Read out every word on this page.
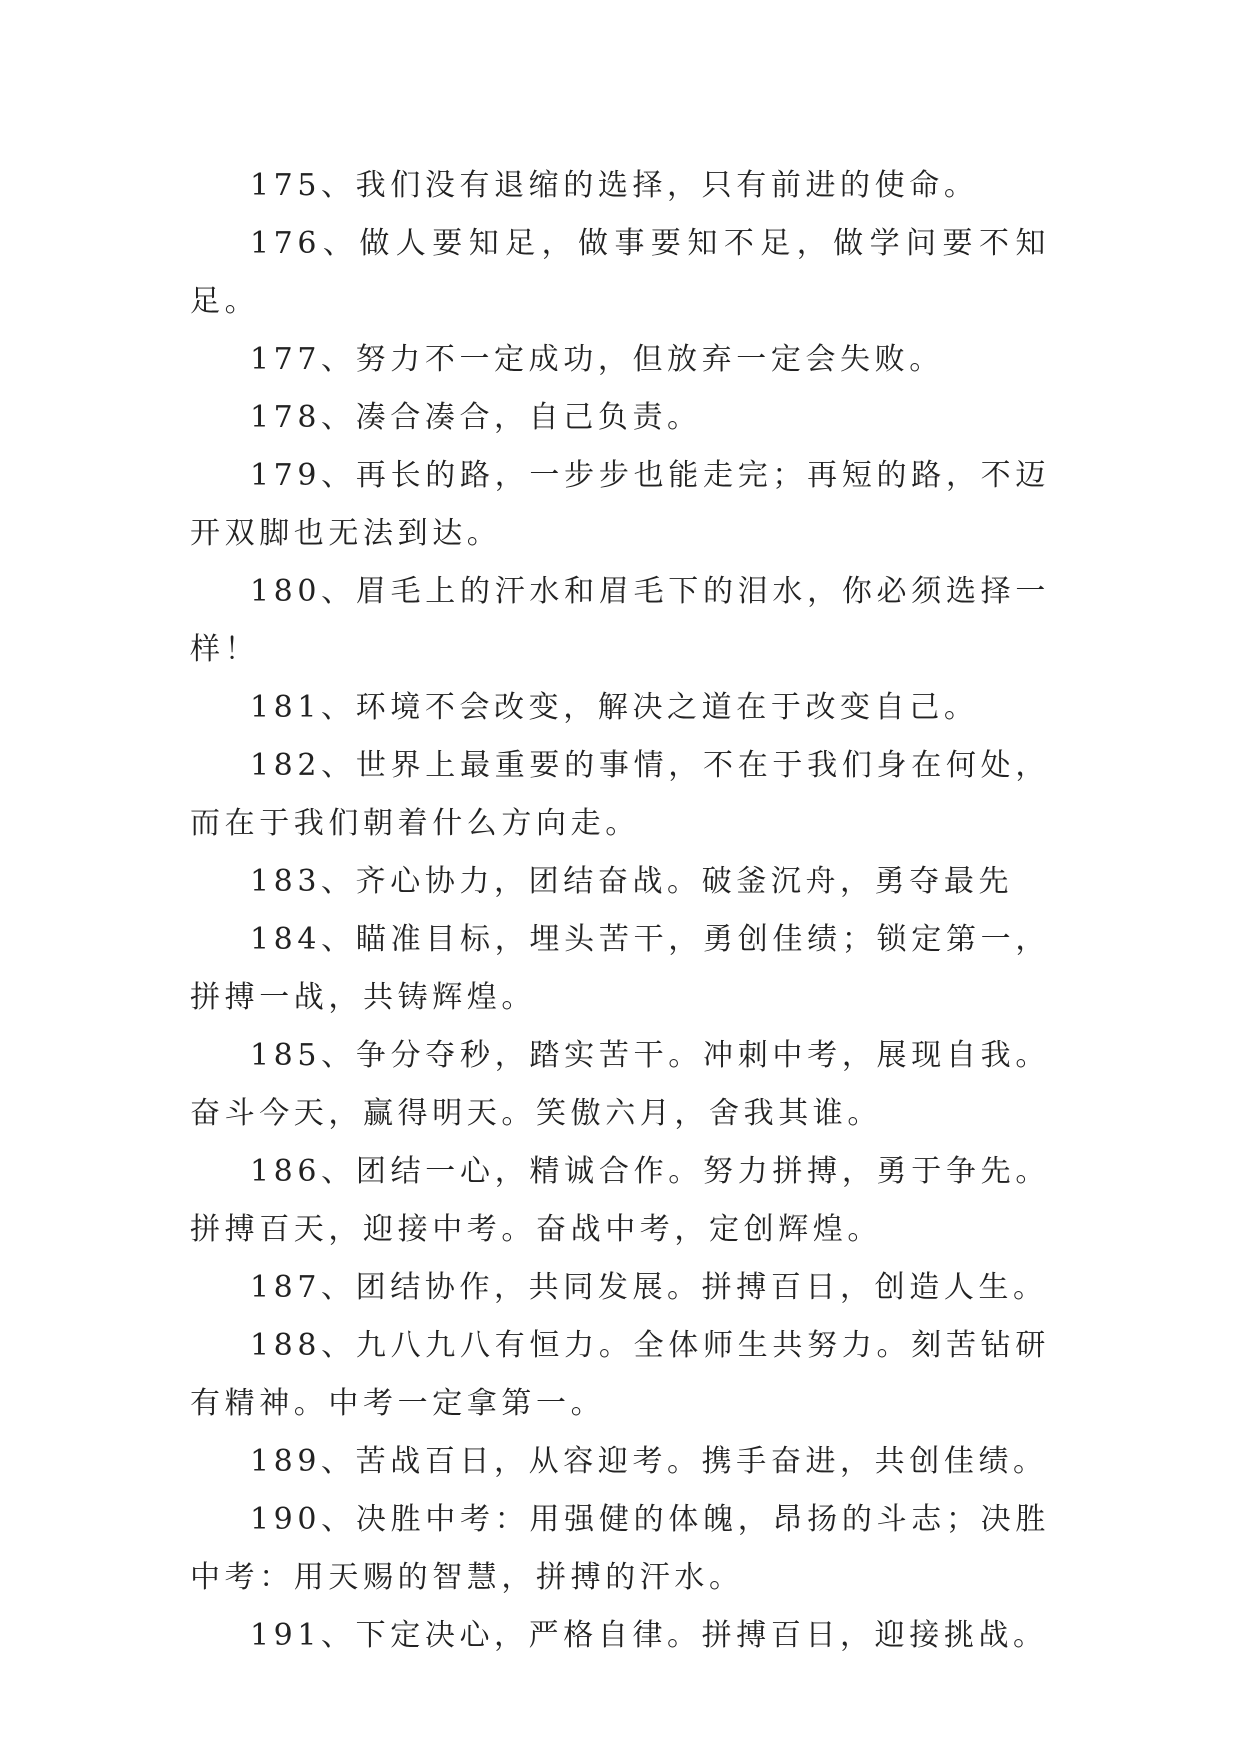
175、我们没有退缩的选择，只有前进的使命。

176、做人要知足，做事要知不足，做学问要不知足。

177、努力不一定成功，但放弃一定会失败。

178、凑合凑合，自己负责。

179、再长的路，一步步也能走完；再短的路，不迈开双脚也无法到达。

180、眉毛上的汗水和眉毛下的泪水，你必须选择一样！

181、环境不会改变，解决之道在于改变自己。

182、世界上最重要的事情，不在于我们身在何处，而在于我们朝着什么方向走。

183、齐心协力，团结奋战。破釜沉舟，勇夺最先

184、瞄准目标，埋头苦干，勇创佳绩；锁定第一，拼搏一战，共铸辉煌。

185、争分夺秒，踏实苦干。冲刺中考，展现自我。奋斗今天，赢得明天。笑傲六月，舍我其谁。

186、团结一心，精诚合作。努力拼搏，勇于争先。拼搏百天，迎接中考。奋战中考，定创辉煌。

187、团结协作，共同发展。拼搏百日，创造人生。

188、九八九八有恒力。全体师生共努力。刻苦钻研有精神。中考一定拿第一。

189、苦战百日，从容迎考。携手奋进，共创佳绩。

190、决胜中考：用强健的体魄，昂扬的斗志；决胜中考：用天赐的智慧，拼搏的汗水。

191、下定决心，严格自律。拼搏百日，迎接挑战。
